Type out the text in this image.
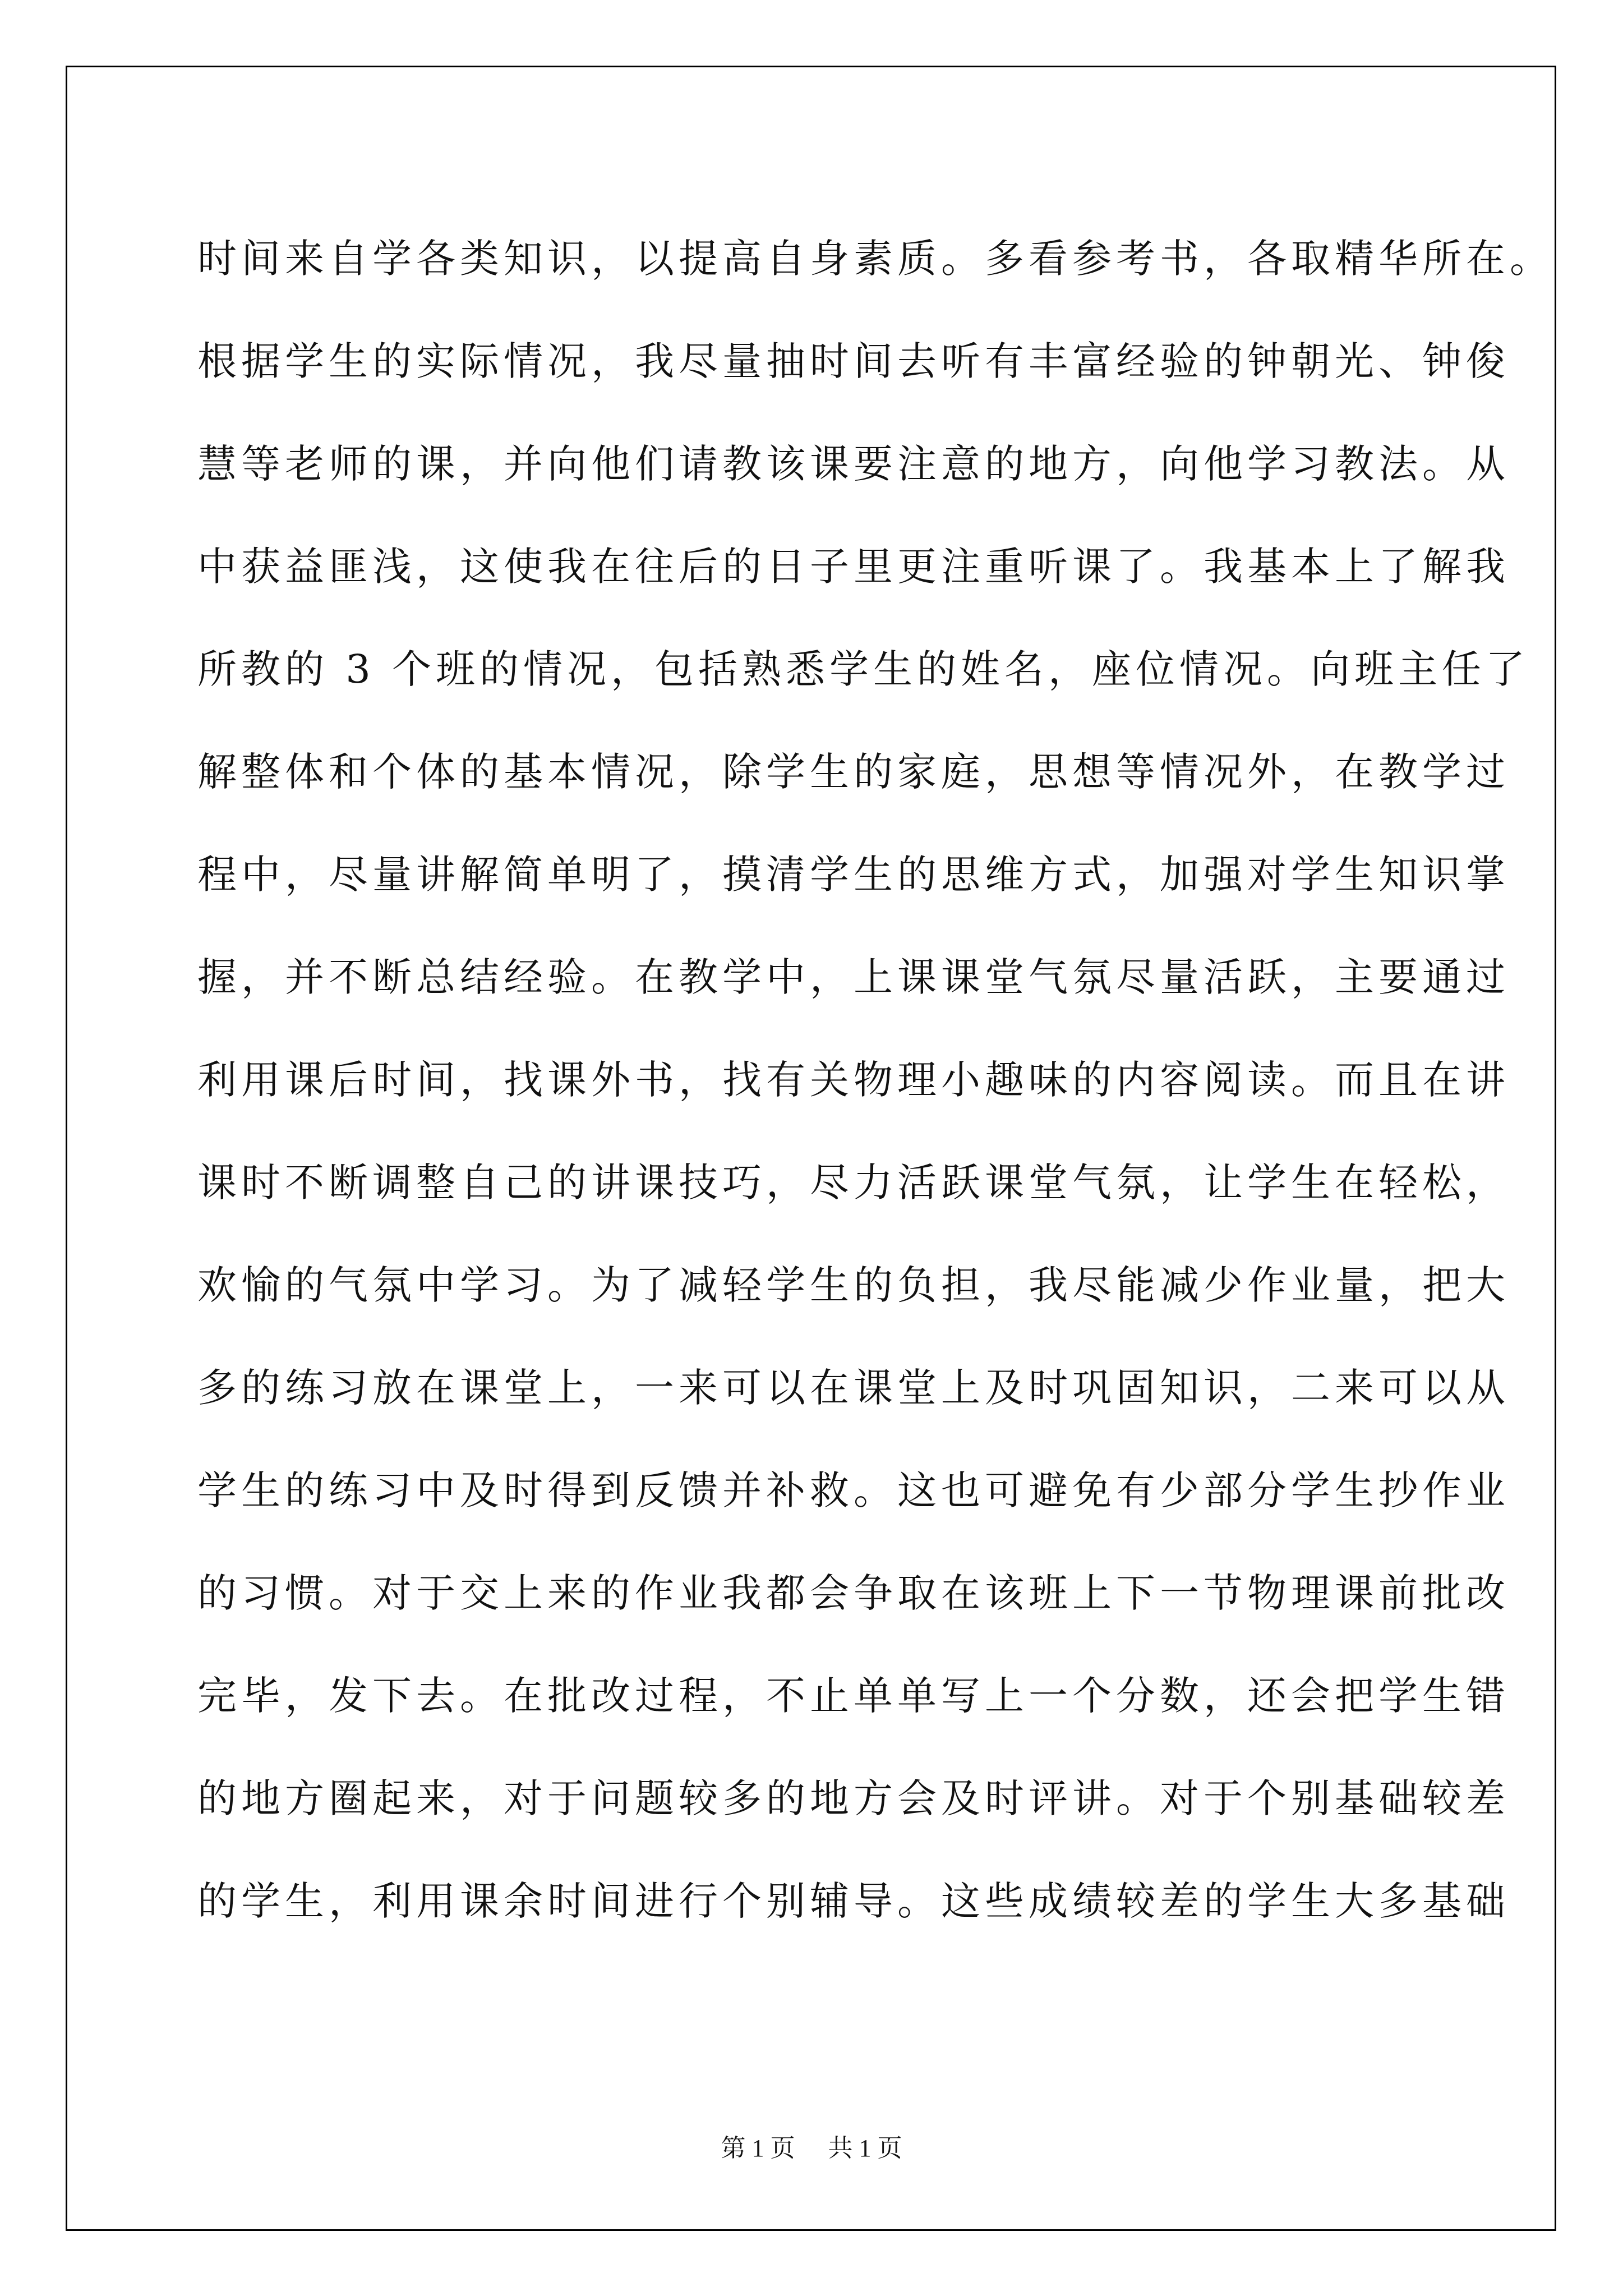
时间来自学各类知识，以提高自身素质。多看参考书，各取精华所在。
根据学生的实际情况，我尽量抽时间去听有丰富经验的钟朝光、钟俊
慧等老师的课，并向他们请教该课要注意的地方，向他学习教法。从
中获益匪浅，这使我在往后的日子里更注重听课了。我基本上了解我
所教的 3 个班的情况，包括熟悉学生的姓名，座位情况。向班主任了
解整体和个体的基本情况，除学生的家庭，思想等情况外，在教学过
程中，尽量讲解简单明了，摸清学生的思维方式，加强对学生知识掌
握，并不断总结经验。在教学中，上课课堂气氛尽量活跃，主要通过
利用课后时间，找课外书，找有关物理小趣味的内容阅读。而且在讲
课时不断调整自己的讲课技巧，尽力活跃课堂气氛，让学生在轻松，
欢愉的气氛中学习。为了减轻学生的负担，我尽能减少作业量，把大
多的练习放在课堂上，一来可以在课堂上及时巩固知识，二来可以从
学生的练习中及时得到反馈并补救。这也可避免有少部分学生抄作业
的习惯。对于交上来的作业我都会争取在该班上下一节物理课前批改
完毕，发下去。在批改过程，不止单单写上一个分数，还会把学生错
的地方圈起来，对于问题较多的地方会及时评讲。对于个别基础较差
的学生，利用课余时间进行个别辅导。这些成绩较差的学生大多基础
第 1 页 共 1 页
